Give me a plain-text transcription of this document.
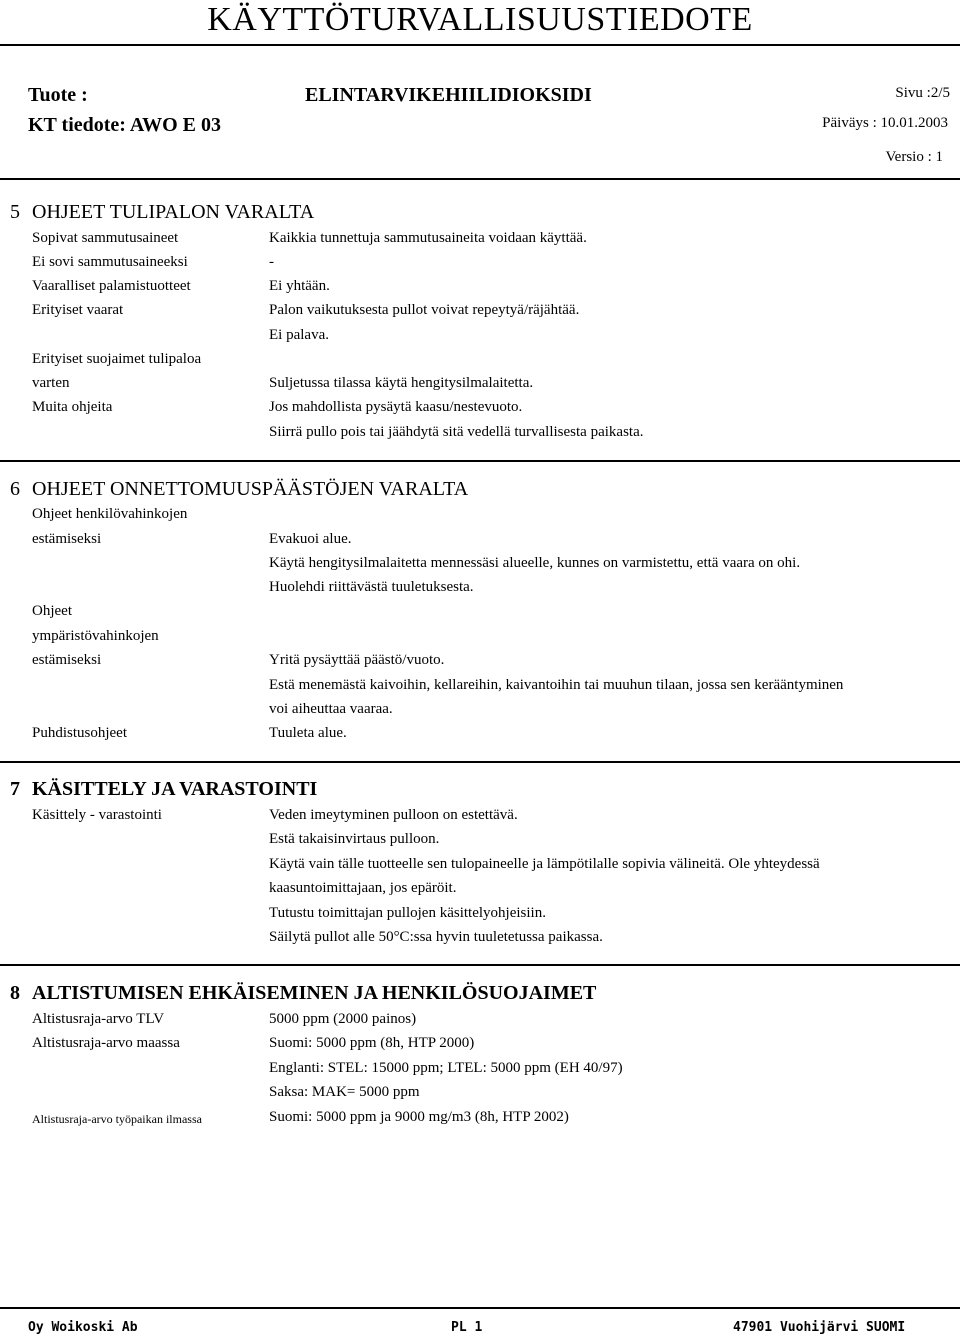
KÄYTTÖTURVALLISUUSTIEDOTE
Tuote :	ELINTARVIKEHIILIDIOKSIDI	Sivu :2/5
KT tiedote: AWO E 03	Päiväys : 10.01.2003
Versio : 1
5 OHJEET TULIPALON VARALTA
Sopivat sammutusaineet	Kaikkia tunnettuja sammutusaineita voidaan käyttää.
Ei sovi sammutusaineeksi	-
Vaaralliset palamistuotteet	Ei yhtään.
Erityiset vaarat	Palon vaikutuksesta pullot voivat repeytyä/räjähtää.
Ei palava.
Erityiset suojaimet tulipaloa
varten	Suljetussa tilassa käytä hengitysilmalaitetta.
Muita ohjeita	Jos mahdollista pysäytä kaasu/nestevuoto.
Siirrä pullo pois tai jäähdytä sitä vedellä turvallisesta paikasta.
6 OHJEET ONNETTOMUUSPÄÄSTÖJEN VARALTA
Ohjeet henkilövahinkojen
estämiseksi	Evakuoi alue.
Käytä hengitysilmalaitetta mennessäsi alueelle, kunnes on varmistettu, että vaara on ohi.
Huolehdi riittävästä tuuletuksesta.
Ohjeet
ympäristövahinkojen
estämiseksi	Yritä pysäyttää päästö/vuoto.
Estä menemästä kaivoihin, kellareihin, kaivantoihin tai muuhun tilaan, jossa sen kerääntyminen
voi aiheuttaa vaaraa.
Puhdistusohjeet	Tuuleta alue.
7 KÄSITTELY JA VARASTOINTI
Käsittely - varastointi	Veden imeytyminen pulloon on estettävä.
Estä takaisinvirtaus pulloon.
Käytä vain tälle tuotteelle sen tulopaineelle ja lämpötilalle sopivia välineitä. Ole yhteydessä
kaasuntoimittajaan, jos epäröit.
Tutustu toimittajan pullojen käsittelyohjeisiin.
Säilytä pullot alle 50°C:ssa hyvin tuuletetussa paikassa.
8 ALTISTUMISEN EHKÄISEMINEN JA HENKILÖSUOJAIMET
Altistusraja-arvo TLV	5000 ppm (2000 painos)
Altistusraja-arvo maassa	Suomi: 5000 ppm (8h, HTP 2000)
Englanti: STEL: 15000 ppm; LTEL: 5000 ppm (EH 40/97)
Saksa: MAK= 5000 ppm
Altistusraja-arvo työpaikan ilmassa	Suomi: 5000 ppm ja 9000 mg/m3 (8h, HTP 2002)
Oy Woikoski Ab	PL 1	47901 Vuohijärvi SUOMI
